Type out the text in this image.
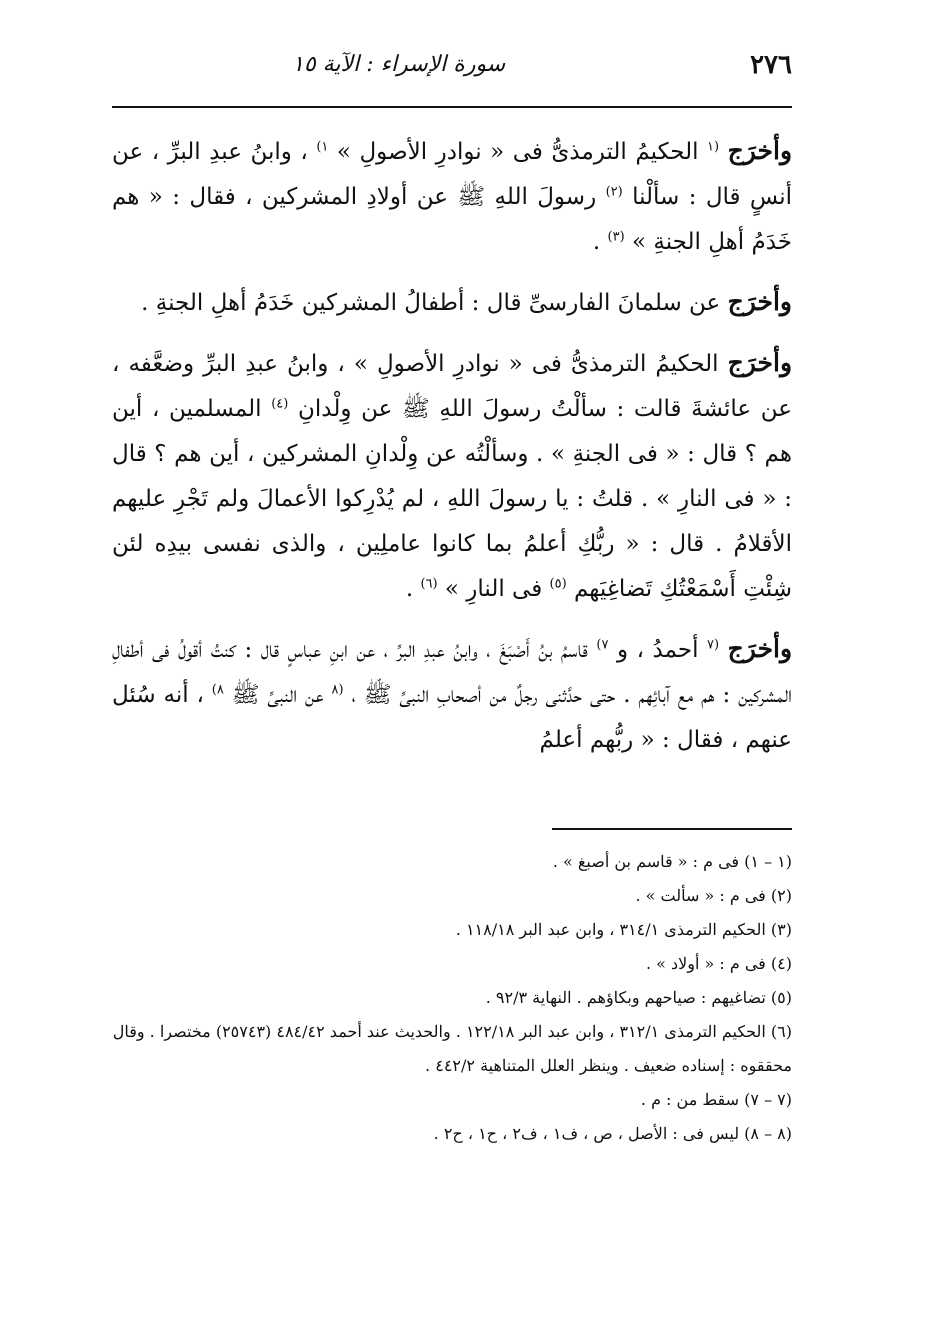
٢٧٦
سورة الإسراء : الآية ١٥

وأخرَج $^{(١}$ الحكيمُ الترمذىُّ فى « نوادرِ الأصولِ » $^{١)}$ ، وابنُ عبدِ البرِّ ، عن أنسٍ قال : سألْنا $^{(٢)}$ رسولَ اللهِ ﷺ عن أولادِ المشركين ، فقال : « هم خَدَمُ أهلِ الجنةِ » $^{(٣)}$ .

وأخرَج عن سلمانَ الفارسىِّ قال : أطفالُ المشركين خَدَمُ أهلِ الجنةِ .

وأخرَج الحكيمُ الترمذىُّ فى « نوادرِ الأصولِ » ، وابنُ عبدِ البرِّ وضعَّفه ، عن عائشةَ قالت : سألْتُ رسولَ اللهِ ﷺ عن وِلْدانِ $^{(٤)}$ المسلمين ، أين هم ؟ قال : « فى الجنةِ » . وسألْتُه عن وِلْدانِ المشركين ، أين هم ؟ قال : « فى النارِ » . قلتُ : يا رسولَ اللهِ ، لم يُدْرِكوا الأعمالَ ولم تَجْرِ عليهم الأقلامُ . قال : « ربُّكِ أعلمُ بما كانوا عاملِين ، والذى نفسى بيدِه لئن شِئْتِ أَسْمَعْتُكِ تَضاغِيَهم $^{(٥)}$ فى النارِ » $^{(٦)}$ .

وأخرَج $^{(٧}$ أحمدُ ، و $^{٧)}$ قاسمُ بنُ أَصْبَغَ ، وابنُ عبدِ البرِّ ، عن ابنِ عباسٍ قال : كنتُ أقولُ فى أطفالِ المشركين : هم مع آبائِهم . حتى حدَّثنى رجلٌ من أصحابِ النبىِّ ﷺ ، $^{(٨}$ عن النبىِّ ﷺ $^{٨)}$ ، أنه سُئل عنهم ، فقال : « ربُّهم أعلمُ

(١ – ١) فى م : « قاسم بن أصبغ » .

(٢) فى م : « سألت » .

(٣) الحكيم الترمذى ٣١٤/١ ، وابن عبد البر ١١٨/١٨ .

(٤) فى م : « أولاد » .

(٥) تضاغيهم : صياحهم وبكاؤهم . النهاية ٩٢/٣ .

(٦) الحكيم الترمذى ٣١٢/١ ، وابن عبد البر ١٢٢/١٨ . والحديث عند أحمد ٤٨٤/٤٢ (٢٥٧٤٣) مختصرا . وقال محققوه : إسناده ضعيف . وينظر العلل المتناهية ٤٤٢/٢ .

(٧ – ٧) سقط من : م .

(٨ – ٨) ليس فى : الأصل ، ص ، ف١ ، ف٢ ، ح١ ، ح٢ .
